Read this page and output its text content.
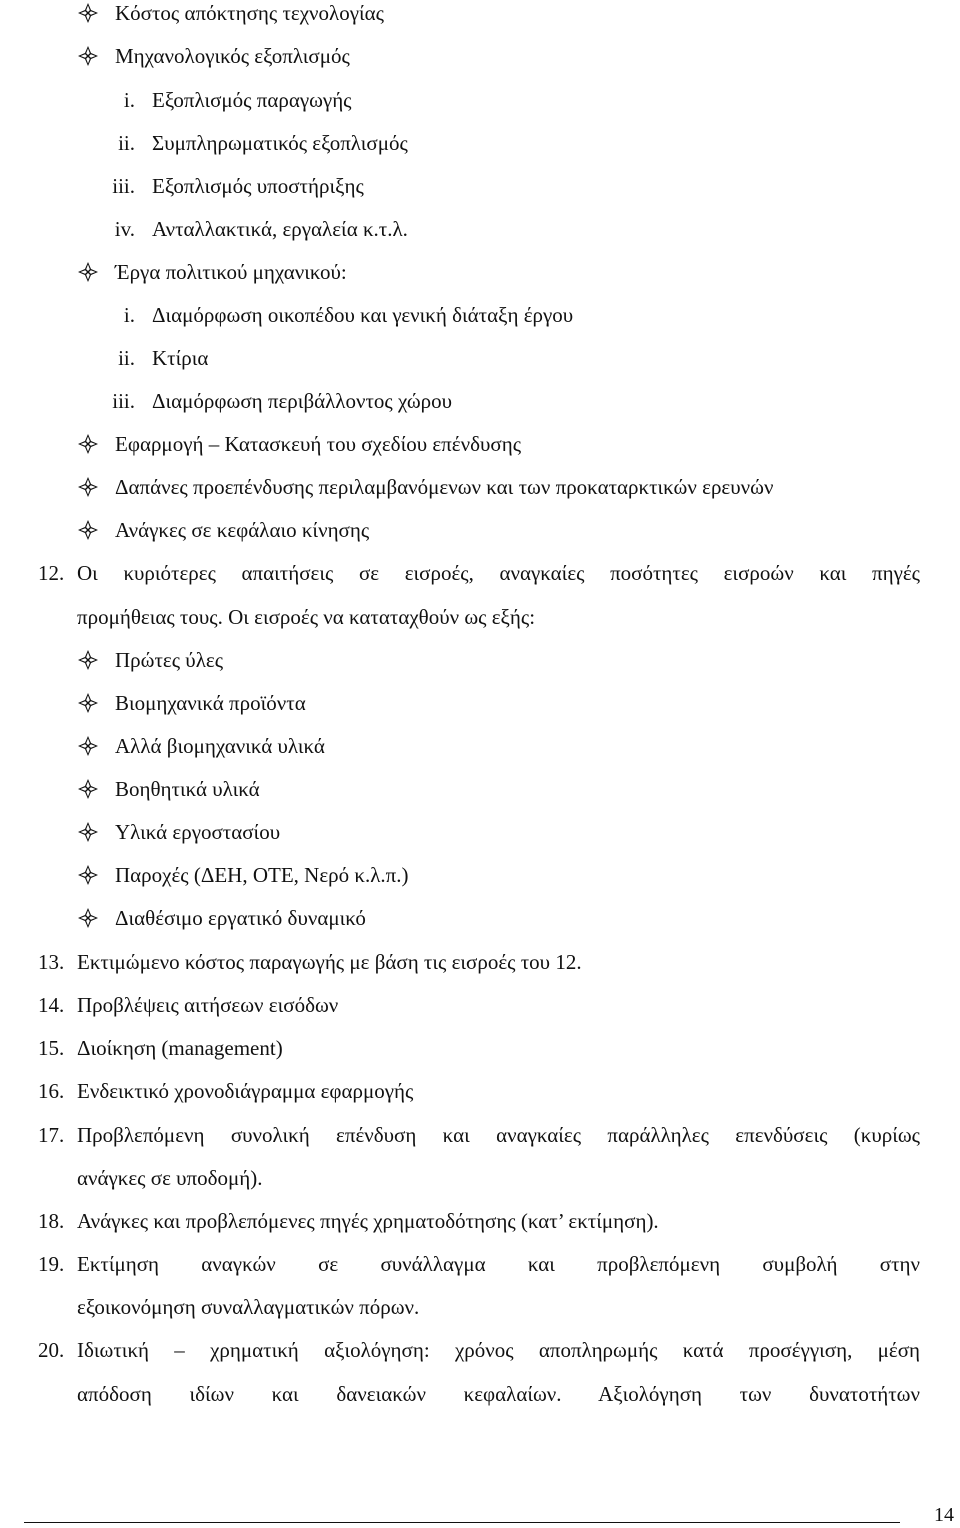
Κόστος απόκτησης τεχνολογίας
Μηχανολογικός εξοπλισμός
i. Εξοπλισμός παραγωγής
ii. Συμπληρωματικός εξοπλισμός
iii. Εξοπλισμός υποστήριξης
iv. Ανταλλακτικά, εργαλεία κ.τ.λ.
Έργα πολιτικού μηχανικού:
i. Διαμόρφωση οικοπέδου και γενική διάταξη έργου
ii. Κτίρια
iii. Διαμόρφωση περιβάλλοντος χώρου
Εφαρμογή – Κατασκευή του σχεδίου επένδυσης
Δαπάνες προεπένδυσης περιλαμβανόμενων και των προκαταρκτικών ερευνών
Ανάγκες σε κεφάλαιο κίνησης
12. Οι κυριότερες απαιτήσεις σε εισροές, αναγκαίες ποσότητες εισροών και πηγές
προμήθειας τους. Οι εισροές να καταταχθούν ως εξής:
Πρώτες ύλες
Βιομηχανικά προϊόντα
Αλλά βιομηχανικά υλικά
Βοηθητικά υλικά
Υλικά εργοστασίου
Παροχές (ΔΕΗ, ΟΤΕ, Νερό κ.λ.π.)
Διαθέσιμο εργατικό δυναμικό
13. Εκτιμώμενο κόστος παραγωγής με βάση τις εισροές του 12.
14. Προβλέψεις αιτήσεων εισόδων
15. Διοίκηση (management)
16. Ενδεικτικό χρονοδιάγραμμα εφαρμογής
17. Προβλεπόμενη συνολική επένδυση και αναγκαίες παράλληλες επενδύσεις (κυρίως
ανάγκες σε υποδομή).
18. Ανάγκες και προβλεπόμενες πηγές χρηματοδότησης (κατ’ εκτίμηση).
19. Εκτίμηση αναγκών σε συνάλλαγμα και προβλεπόμενη συμβολή στην
εξοικονόμηση συναλλαγματικών πόρων.
20. Ιδιωτική – χρηματική αξιολόγηση: χρόνος αποπληρωμής κατά προσέγγιση, μέση
απόδοση ιδίων και δανειακών κεφαλαίων. Αξιολόγηση των δυνατοτήτων
14
